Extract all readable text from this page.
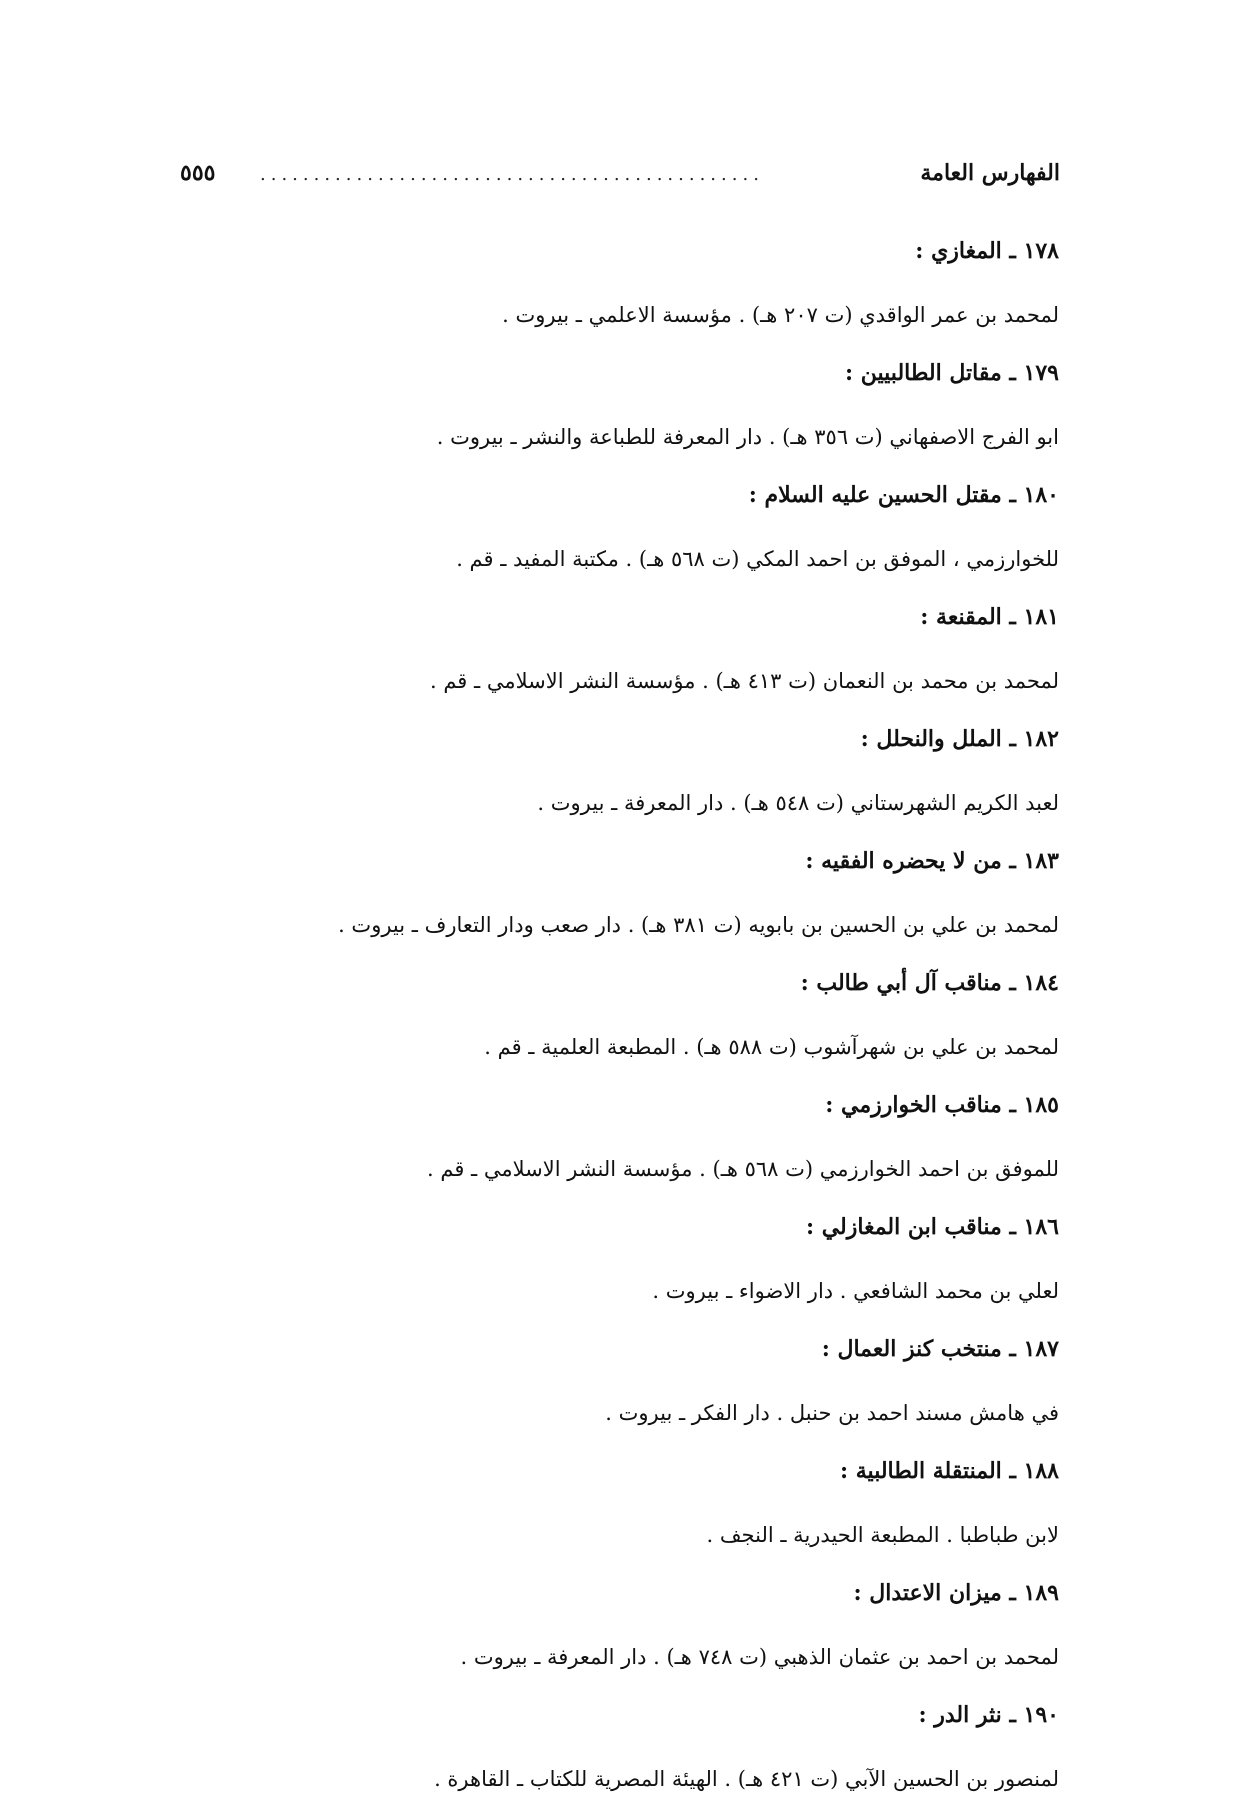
الفهارس العامة
...............................................
٥٥٥
١٧٨ ـ المغازي :
لمحمد بن عمر الواقدي (ت ٢٠٧ هـ) . مؤسسة الاعلمي ـ بيروت .
١٧٩ ـ مقاتل الطالبيين :
ابو الفرج الاصفهاني (ت ٣٥٦ هـ) . دار المعرفة للطباعة والنشر ـ بيروت .
١٨٠ ـ مقتل الحسين عليه السلام :
للخوارزمي ، الموفق بن احمد المكي (ت ٥٦٨ هـ) . مكتبة المفيد ـ قم .
١٨١ ـ المقنعة :
لمحمد بن محمد بن النعمان (ت ٤١٣ هـ) . مؤسسة النشر الاسلامي ـ قم .
١٨٢ ـ الملل والنحلل :
لعبد الكريم الشهرستاني (ت ٥٤٨ هـ) . دار المعرفة ـ بيروت .
١٨٣ ـ من لا يحضره الفقيه :
لمحمد بن علي بن الحسين بن بابويه (ت ٣٨١ هـ) . دار صعب ودار التعارف ـ بيروت .
١٨٤ ـ مناقب آل أبي طالب :
لمحمد بن علي بن شهرآشوب (ت ٥٨٨ هـ) . المطبعة العلمية ـ قم .
١٨٥ ـ مناقب الخوارزمي :
للموفق بن احمد الخوارزمي (ت ٥٦٨ هـ) . مؤسسة النشر الاسلامي ـ قم .
١٨٦ ـ مناقب ابن المغازلي :
لعلي بن محمد الشافعي . دار الاضواء ـ بيروت .
١٨٧ ـ منتخب كنز العمال :
في هامش مسند احمد بن حنبل . دار الفكر ـ بيروت .
١٨٨ ـ المنتقلة الطالبية :
لابن طباطبا . المطبعة الحيدرية ـ النجف .
١٨٩ ـ ميزان الاعتدال :
لمحمد بن احمد بن عثمان الذهبي (ت ٧٤٨ هـ) . دار المعرفة ـ بيروت .
١٩٠ ـ نثر الدر :
لمنصور بن الحسين الآبي (ت ٤٢١ هـ) . الهيئة المصرية للكتاب ـ القاهرة .
